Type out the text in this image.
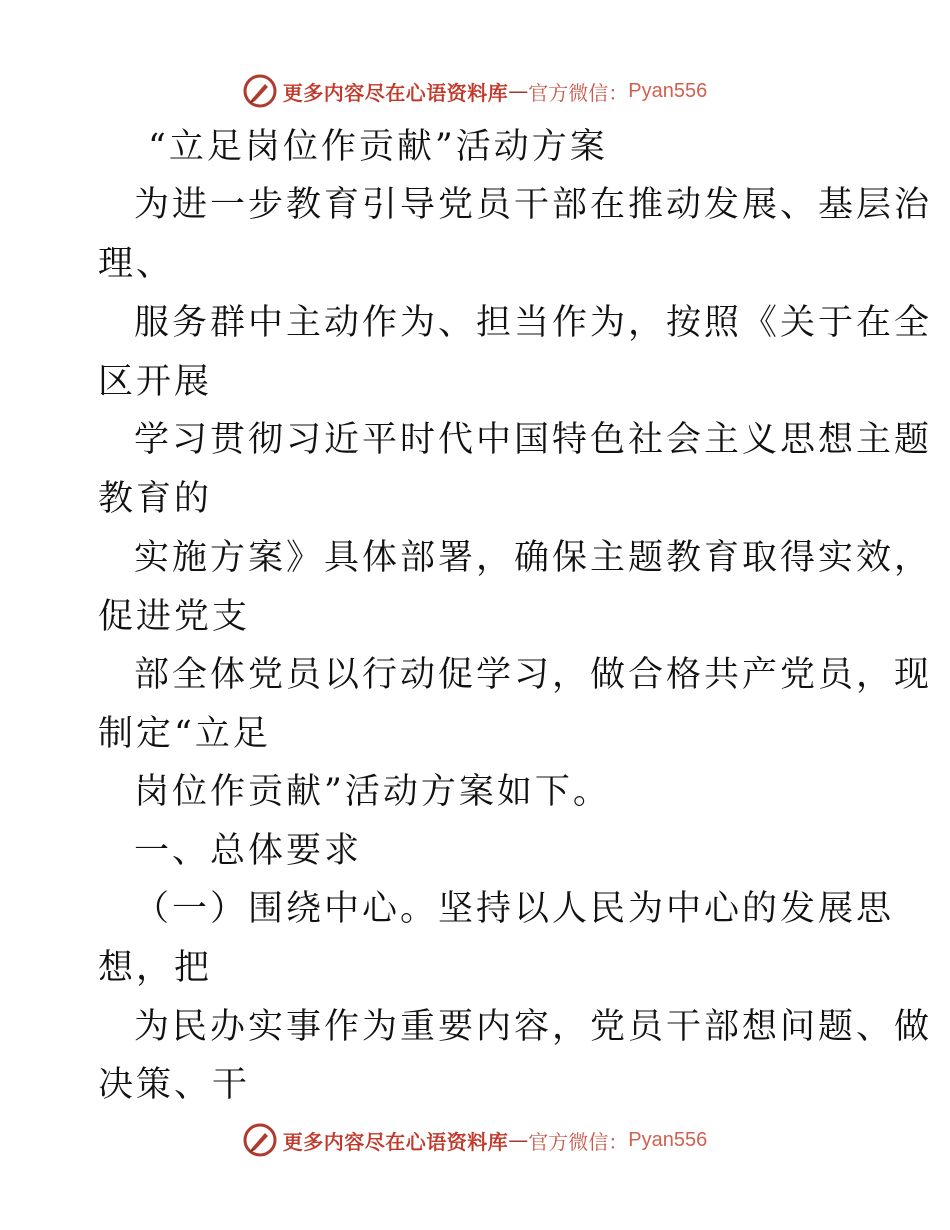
更多内容尽在心语资料库 — 官方微信： Pyan556
“立足岗位作贡献”活动方案
为进一步教育引导党员干部在推动发展、基层治
理、
服务群中主动作为、担当作为，按照《关于在全
区开展
学习贯彻习近平时代中国特色社会主义思想主题
教育的
实施方案》具体部署，确保主题教育取得实效，
促进党支
部全体党员以行动促学习，做合格共产党员，现
制定“立足
岗位作贡献”活动方案如下。
一、总体要求
（一）围绕中心。坚持以人民为中心的发展思
想，把
为民办实事作为重要内容，党员干部想问题、做
决策、干
更多内容尽在心语资料库 — 官方微信： Pyan556
